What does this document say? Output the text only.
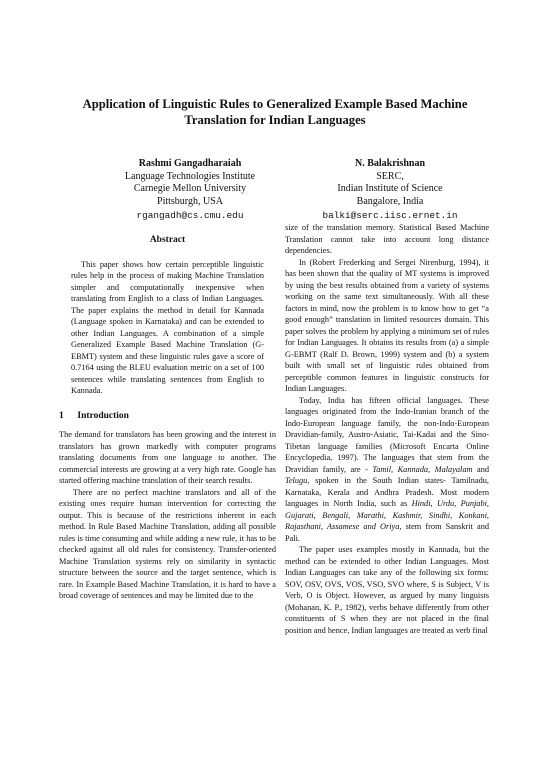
Application of Linguistic Rules to Generalized Example Based Machine Translation for Indian Languages
Rashmi Gangadharaiah
Language Technologies Institute
Carnegie Mellon University
Pittsburgh, USA
rgangadh@cs.cmu.edu
N. Balakrishnan
SERC,
Indian Institute of Science
Bangalore, India
balki@serc.iisc.ernet.in
Abstract

This paper shows how certain perceptible linguistic rules help in the process of making Machine Translation simpler and computationally inexpensive when translating from English to a class of Indian Languages. The paper explains the method in detail for Kannada (Language spoken in Karnataka) and can be extended to other Indian Languages. A combination of a simple Generalized Example Based Machine Translation (G-EBMT) system and these linguistic rules gave a score of 0.7164 using the BLEU evaluation metric on a set of 100 sentences while translating sentences from English to Kannada.

1 Introduction

The demand for translators has been growing and the interest in translators has grown markedly with computer programs translating documents from one language to another. The commercial interests are growing at a very high rate. Google has started offering machine translation of their search results.

There are no perfect machine translators and all of the existing ones require human intervention for correcting the output. This is because of the restrictions inherent in each method. In Rule Based Machine Translation, adding all possible rules is time consuming and while adding a new rule, it has to be checked against all old rules for consistency. Transfer-oriented Machine Translation systems rely on similarity in syntactic structure between the source and the target sentence, which is rare. In Example Based Machine Translation, it is hard to have a broad coverage of sentences and may be limited due to the

size of the translation memory. Statistical Based Machine Translation cannot take into account long distance dependencies.

In (Robert Frederking and Sergei Nirenburg, 1994), it has been shown that the quality of MT systems is improved by using the best results obtained from a variety of systems working on the same text simultaneously. With all these factors in mind, now the problem is to know how to get “a good enough” translation in limited resources domain. This paper solves the problem by applying a minimum set of rules for Indian Languages. It obtains its results from (a) a simple G-EBMT (Ralf D. Brown, 1999) system and (b) a system built with small set of linguistic rules obtained from perceptible common features in linguistic constructs for Indian Languages.

Today, India has fifteen official languages. These languages originated from the Indo-Iranian branch of the Indo-European language family, the non-Indo-European Dravidian-family, Austro-Asiatic, Tai-Kadai and the Sino-Tibetan language families (Microsoft Encarta Online Encyclopedia, 1997). The languages that stem from the Dravidian family, are - Tamil, Kannada, Malayalam and Telugu, spoken in the South Indian states- Tamilnadu, Karnataka, Kerala and Andhra Pradesh. Most modern languages in North India, such as Hindi, Urdu, Punjabi, Gujarati, Bengali, Marathi, Kashmir, Sindhi, Konkani, Rajasthani, Assamese and Oriya, stem from Sanskrit and Pali.

The paper uses examples mostly in Kannada, but the method can be extended to other Indian Languages. Most Indian Languages can take any of the following six forms: SOV, OSV, OVS, VOS, VSO, SVO where, S is Subject, V is Verb, O is Object. However, as argued by many linguists (Mohanan, K. P., 1982), verbs behave differently from other constituents of S when they are not placed in the final position and hence, Indian languages are treated as verb final
